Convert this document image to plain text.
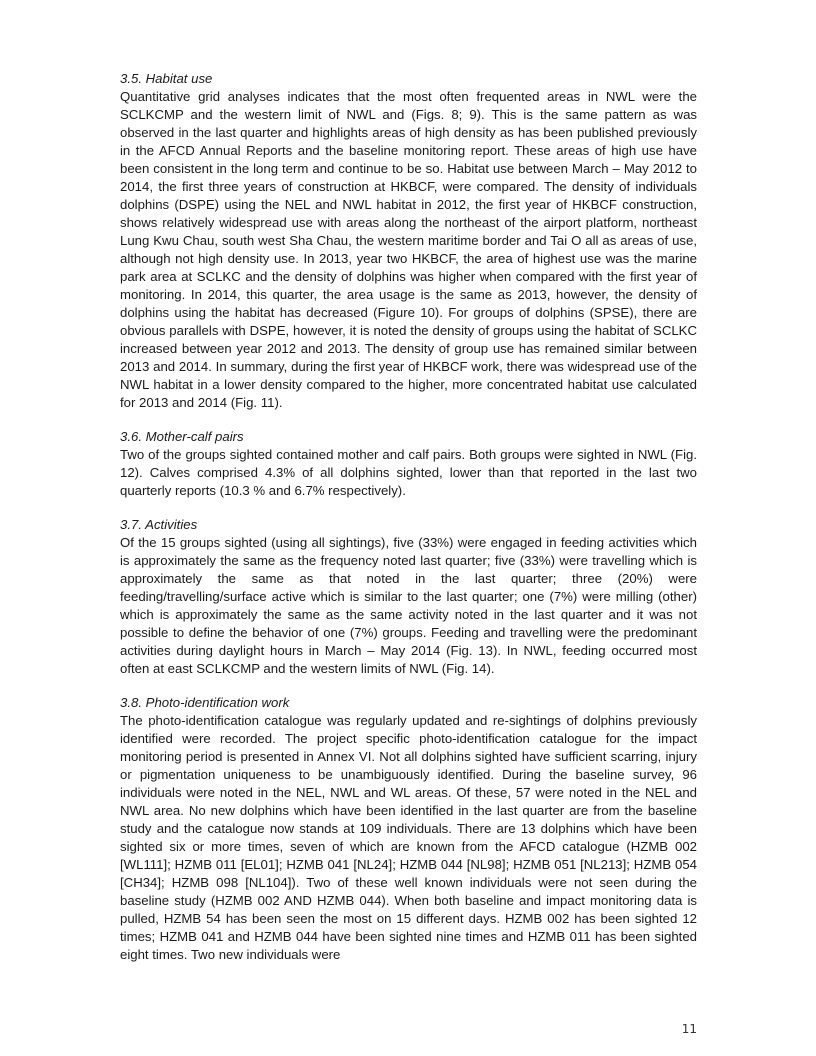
3.5. Habitat use

Quantitative grid analyses indicates that the most often frequented areas in NWL were the SCLKCMP and the western limit of NWL and (Figs. 8; 9). This is the same pattern as was observed in the last quarter and highlights areas of high density as has been published previously in the AFCD Annual Reports and the baseline monitoring report. These areas of high use have been consistent in the long term and continue to be so. Habitat use between March – May 2012 to 2014, the first three years of construction at HKBCF, were compared. The density of individuals dolphins (DSPE) using the NEL and NWL habitat in 2012, the first year of HKBCF construction, shows relatively widespread use with areas along the northeast of the airport platform, northeast Lung Kwu Chau, south west Sha Chau, the western maritime border and Tai O all as areas of use, although not high density use. In 2013, year two HKBCF, the area of highest use was the marine park area at SCLKC and the density of dolphins was higher when compared with the first year of monitoring. In 2014, this quarter, the area usage is the same as 2013, however, the density of dolphins using the habitat has decreased (Figure 10). For groups of dolphins (SPSE), there are obvious parallels with DSPE, however, it is noted the density of groups using the habitat of SCLKC increased between year 2012 and 2013. The density of group use has remained similar between 2013 and 2014. In summary, during the first year of HKBCF work, there was widespread use of the NWL habitat in a lower density compared to the higher, more concentrated habitat use calculated for 2013 and 2014 (Fig. 11).

3.6. Mother-calf pairs

Two of the groups sighted contained mother and calf pairs. Both groups were sighted in NWL (Fig. 12). Calves comprised 4.3% of all dolphins sighted, lower than that reported in the last two quarterly reports (10.3 % and 6.7% respectively).

3.7. Activities

Of the 15 groups sighted (using all sightings), five (33%) were engaged in feeding activities which is approximately the same as the frequency noted last quarter; five (33%) were travelling which is approximately the same as that noted in the last quarter; three (20%) were feeding/travelling/surface active which is similar to the last quarter; one (7%) were milling (other) which is approximately the same as the same activity noted in the last quarter and it was not possible to define the behavior of one (7%) groups. Feeding and travelling were the predominant activities during daylight hours in March – May 2014 (Fig. 13). In NWL, feeding occurred most often at east SCLKCMP and the western limits of NWL (Fig. 14).

3.8. Photo-identification work

The photo-identification catalogue was regularly updated and re-sightings of dolphins previously identified were recorded. The project specific photo-identification catalogue for the impact monitoring period is presented in Annex VI. Not all dolphins sighted have sufficient scarring, injury or pigmentation uniqueness to be unambiguously identified. During the baseline survey, 96 individuals were noted in the NEL, NWL and WL areas. Of these, 57 were noted in the NEL and NWL area. No new dolphins which have been identified in the last quarter are from the baseline study and the catalogue now stands at 109 individuals. There are 13 dolphins which have been sighted six or more times, seven of which are known from the AFCD catalogue (HZMB 002 [WL111]; HZMB 011 [EL01]; HZMB 041 [NL24]; HZMB 044 [NL98]; HZMB 051 [NL213]; HZMB 054 [CH34]; HZMB 098 [NL104]). Two of these well known individuals were not seen during the baseline study (HZMB 002 AND HZMB 044). When both baseline and impact monitoring data is pulled, HZMB 54 has been seen the most on 15 different days. HZMB 002 has been sighted 12 times; HZMB 041 and HZMB 044 have been sighted nine times and HZMB 011 has been sighted eight times. Two new individuals were

11
